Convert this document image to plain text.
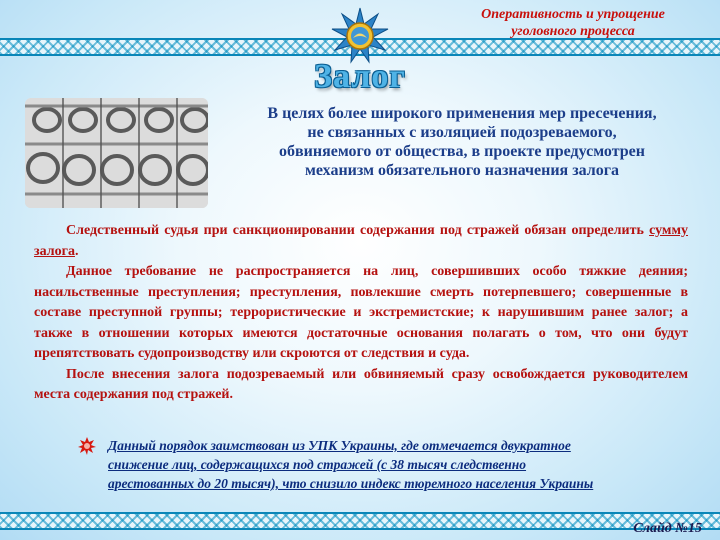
Оперативность и упрощение
уголовного процесса
Залог
В целях более широкого применения мер пресечения,
не связанных с изоляцией подозреваемого,
обвиняемого от общества, в проекте предусмотрен
механизм обязательного назначения залога

Следственный судья при санкционировании содержания под стражей обязан определить сумму залога.

Данное требование не распространяется на лиц, совершивших особо тяжкие деяния; насильственные преступления; преступления, повлекшие смерть потерпевшего; совершенные в составе преступной группы; террористические и экстремистские; к нарушившим ранее залог; а также в отношении которых имеются достаточные основания полагать о том, что они будут препятствовать судопроизводству или скроются от следствия и суда.

После внесения залога подозреваемый или обвиняемый сразу освобождается руководителем места содержания под стражей.

Данный порядок заимствован из УПК Украины, где отмечается двукратное
снижение лиц, содержащихся под стражей (с 38 тысяч следственно
арестованных до 20 тысяч), что снизило индекс тюремного населения Украины
Слайд №15
